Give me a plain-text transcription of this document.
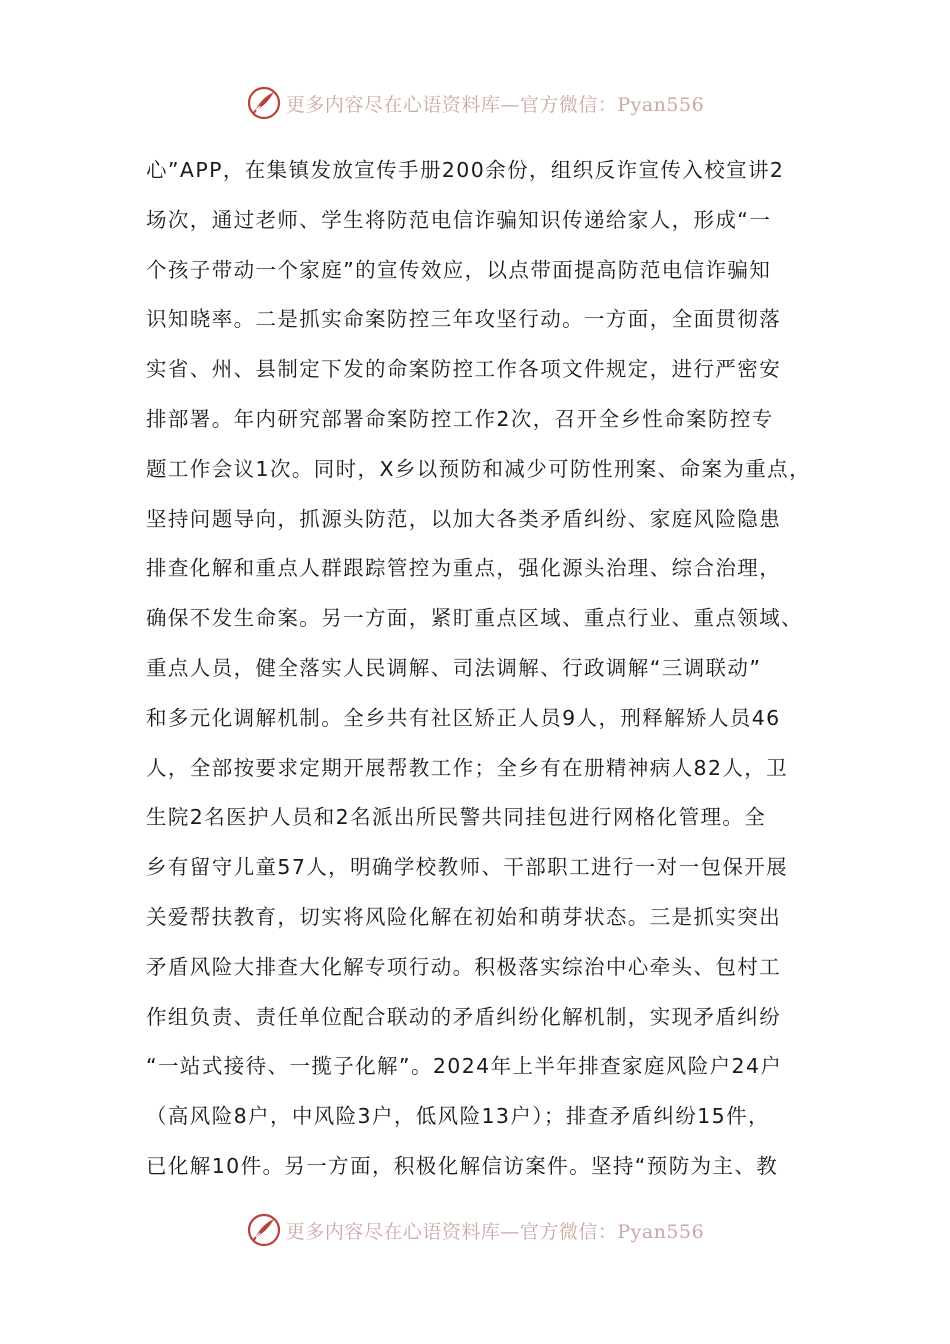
更多内容尽在心语资料库—官方微信：Pyan556
心”APP，在集镇发放宣传手册200余份，组织反诈宣传入校宣讲2
场次，通过老师、学生将防范电信诈骗知识传递给家人，形成“一
个孩子带动一个家庭”的宣传效应，以点带面提高防范电信诈骗知
识知晓率。二是抓实命案防控三年攻坚行动。一方面，全面贯彻落
实省、州、县制定下发的命案防控工作各项文件规定，进行严密安
排部署。年内研究部署命案防控工作2次，召开全乡性命案防控专
题工作会议1次。同时，X乡以预防和减少可防性刑案、命案为重点，
坚持问题导向，抓源头防范，以加大各类矛盾纠纷、家庭风险隐患
排查化解和重点人群跟踪管控为重点，强化源头治理、综合治理，
确保不发生命案。另一方面，紧盯重点区域、重点行业、重点领域、
重点人员，健全落实人民调解、司法调解、行政调解“三调联动”
和多元化调解机制。全乡共有社区矫正人员9人，刑释解矫人员46
人，全部按要求定期开展帮教工作；全乡有在册精神病人82人，卫
生院2名医护人员和2名派出所民警共同挂包进行网格化管理。全
乡有留守儿童57人，明确学校教师、干部职工进行一对一包保开展
关爱帮扶教育，切实将风险化解在初始和萌芽状态。三是抓实突出
矛盾风险大排查大化解专项行动。积极落实综治中心牵头、包村工
作组负责、责任单位配合联动的矛盾纠纷化解机制，实现矛盾纠纷
“一站式接待、一揽子化解”。2024年上半年排查家庭风险户24户
（高风险8户，中风险3户，低风险13户）；排查矛盾纠纷15件，
已化解10件。另一方面，积极化解信访案件。坚持“预防为主、教
更多内容尽在心语资料库—官方微信：Pyan556
